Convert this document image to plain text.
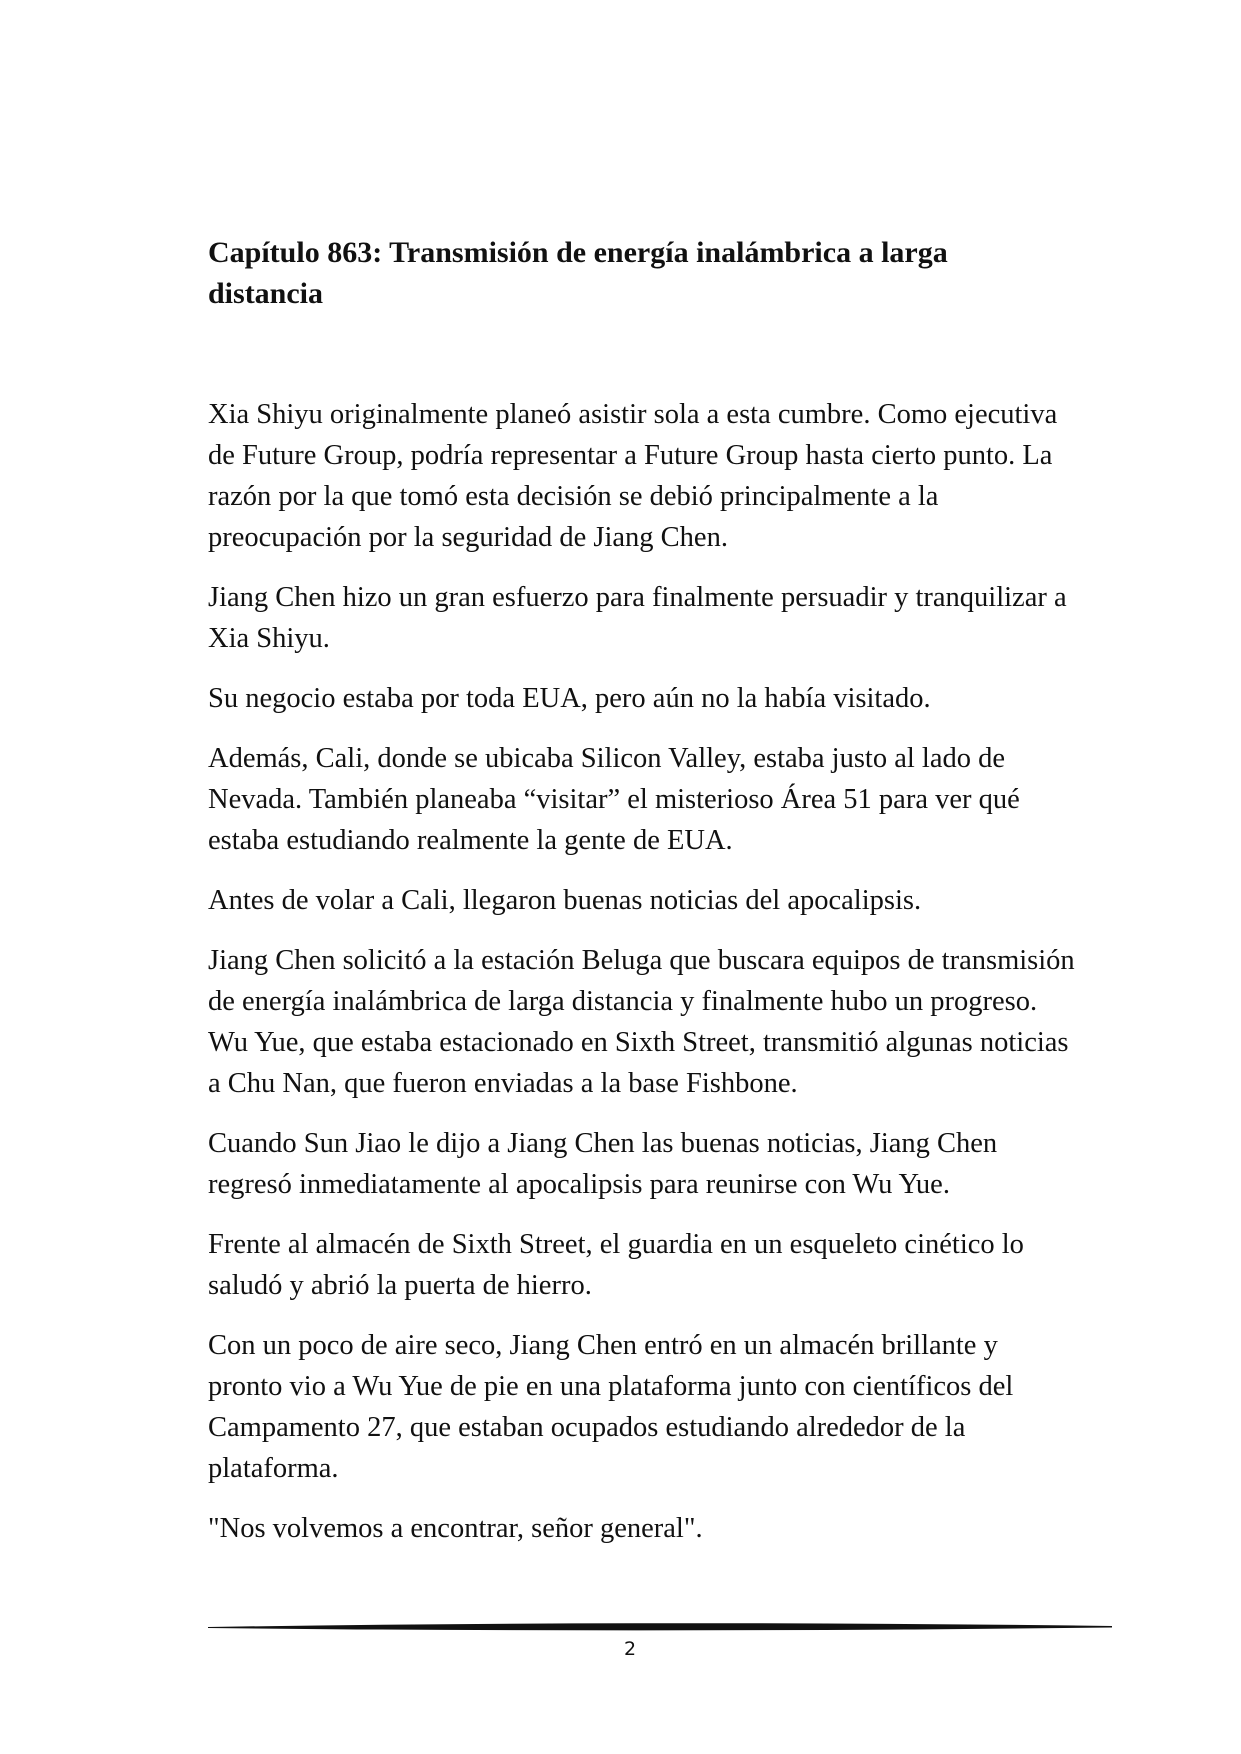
Capítulo 863: Transmisión de energía inalámbrica a larga distancia

Xia Shiyu originalmente planeó asistir sola a esta cumbre. Como ejecutiva de Future Group, podría representar a Future Group hasta cierto punto. La razón por la que tomó esta decisión se debió principalmente a la preocupación por la seguridad de Jiang Chen.

Jiang Chen hizo un gran esfuerzo para finalmente persuadir y tranquilizar a Xia Shiyu.

Su negocio estaba por toda EUA, pero aún no la había visitado.

Además, Cali, donde se ubicaba Silicon Valley, estaba justo al lado de Nevada. También planeaba “visitar” el misterioso Área 51 para ver qué estaba estudiando realmente la gente de EUA.

Antes de volar a Cali, llegaron buenas noticias del apocalipsis.

Jiang Chen solicitó a la estación Beluga que buscara equipos de transmisión de energía inalámbrica de larga distancia y finalmente hubo un progreso. Wu Yue, que estaba estacionado en Sixth Street, transmitió algunas noticias a Chu Nan, que fueron enviadas a la base Fishbone.

Cuando Sun Jiao le dijo a Jiang Chen las buenas noticias, Jiang Chen regresó inmediatamente al apocalipsis para reunirse con Wu Yue.

Frente al almacén de Sixth Street, el guardia en un esqueleto cinético lo saludó y abrió la puerta de hierro.

Con un poco de aire seco, Jiang Chen entró en un almacén brillante y pronto vio a Wu Yue de pie en una plataforma junto con científicos del Campamento 27, que estaban ocupados estudiando alrededor de la plataforma.

"Nos volvemos a encontrar, señor general".

2
